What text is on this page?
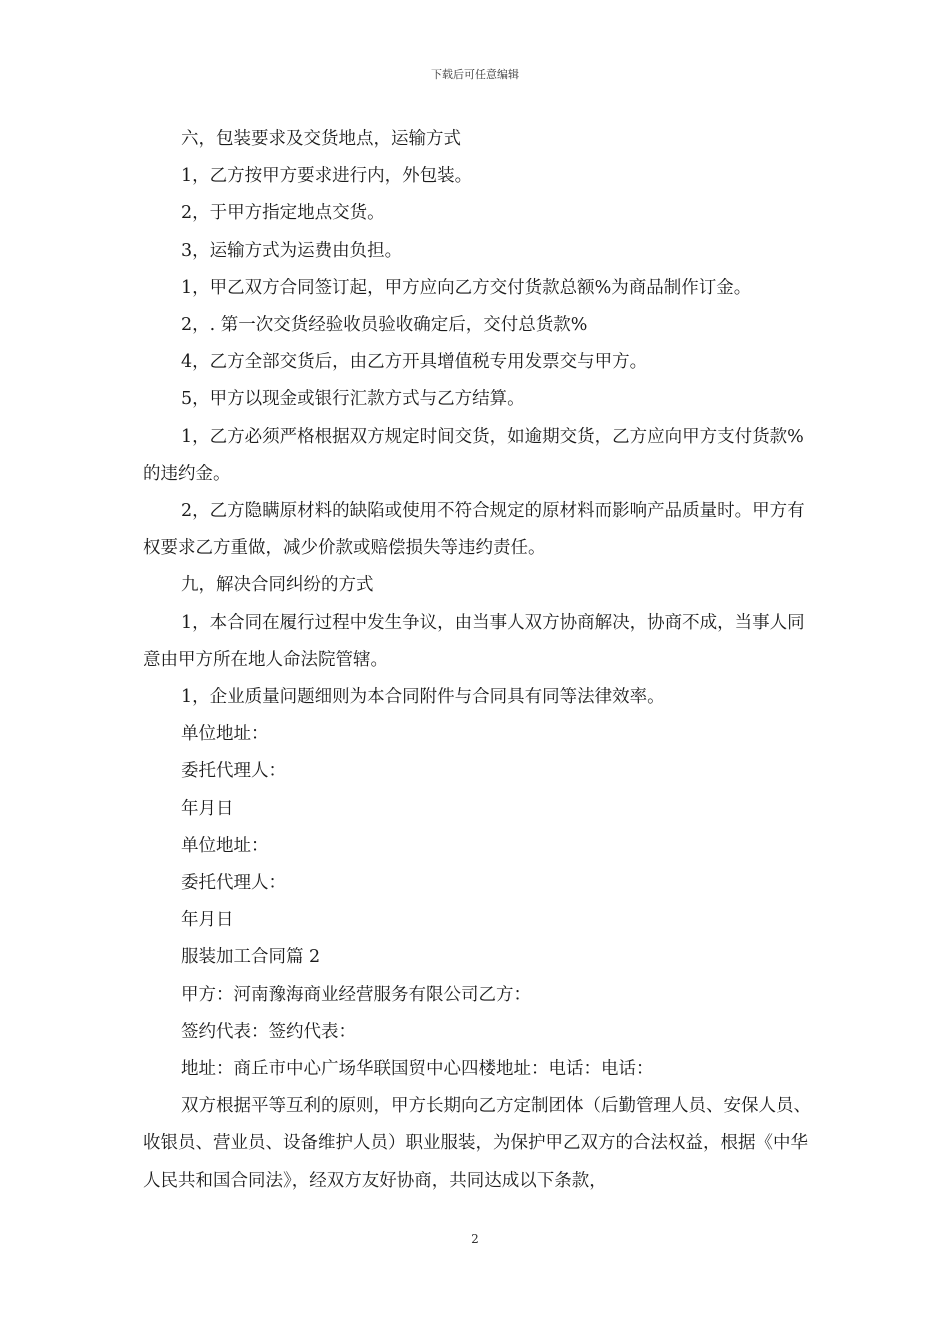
下载后可任意编辑

六，包装要求及交货地点，运输方式

1，乙方按甲方要求进行内，外包装。

2，于甲方指定地点交货。

3，运输方式为运费由负担。

1，甲乙双方合同签订起，甲方应向乙方交付货款总额%为商品制作订金。

2，. 第一次交货经验收员验收确定后，交付总货款%

4，乙方全部交货后，由乙方开具增值税专用发票交与甲方。

5，甲方以现金或银行汇款方式与乙方结算。

1，乙方必须严格根据双方规定时间交货，如逾期交货，乙方应向甲方支付货款%的违约金。

2，乙方隐瞒原材料的缺陷或使用不符合规定的原材料而影响产品质量时。甲方有权要求乙方重做，减少价款或赔偿损失等违约责任。

九，解决合同纠纷的方式

1，本合同在履行过程中发生争议，由当事人双方协商解决，协商不成，当事人同意由甲方所在地人命法院管辖。

1，企业质量问题细则为本合同附件与合同具有同等法律效率。

单位地址：

委托代理人：

年月日

单位地址：

委托代理人：

年月日

服装加工合同篇 2

甲方：河南豫海商业经营服务有限公司乙方：

签约代表：签约代表：

地址：商丘市中心广场华联国贸中心四楼地址：电话：电话：

双方根据平等互利的原则，甲方长期向乙方定制团体（后勤管理人员、安保人员、收银员、营业员、设备维护人员）职业服装，为保护甲乙双方的合法权益，根据《中华人民共和国合同法》，经双方友好协商，共同达成以下条款，

2
